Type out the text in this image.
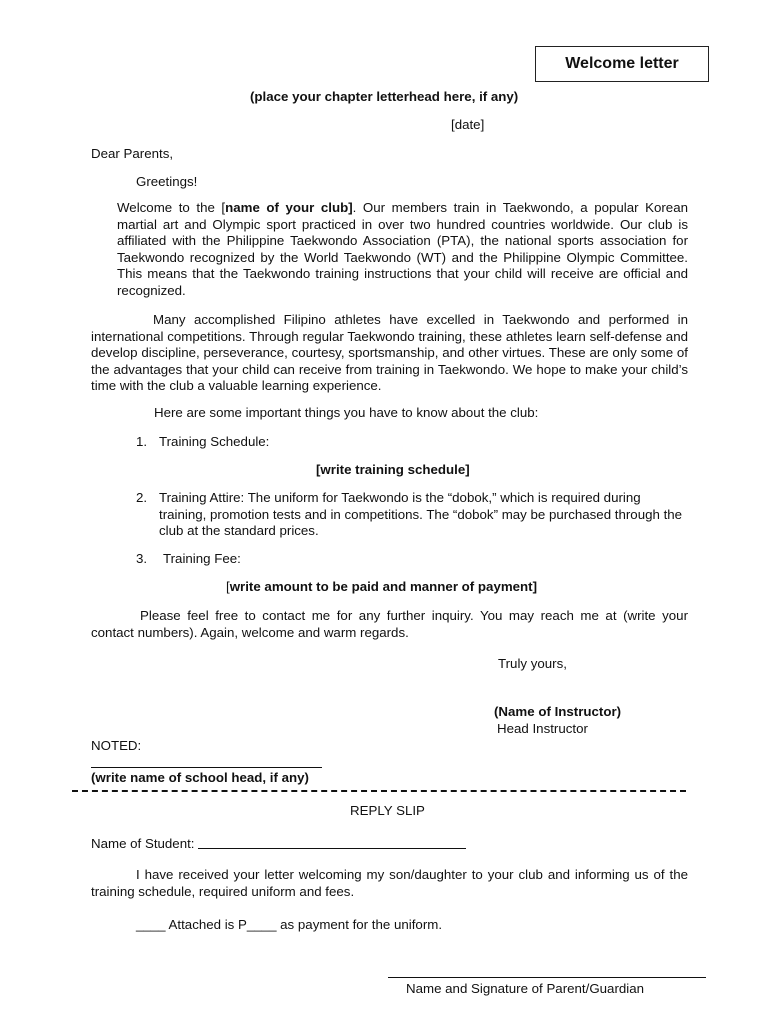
Welcome letter
(place your chapter letterhead here, if any)
[date]
Dear Parents,
Greetings!
Welcome to the [name of your club]. Our members train in Taekwondo, a popular Korean martial art and Olympic sport practiced in over two hundred countries worldwide. Our club is affiliated with the Philippine Taekwondo Association (PTA), the national sports association for Taekwondo recognized by the World Taekwondo (WT) and the Philippine Olympic Committee. This means that the Taekwondo training instructions that your child will receive are official and recognized.
Many accomplished Filipino athletes have excelled in Taekwondo and performed in international competitions. Through regular Taekwondo training, these athletes learn self-defense and develop discipline, perseverance, courtesy, sportsmanship, and other virtues. These are only some of the advantages that your child can receive from training in Taekwondo. We hope to make your child’s time with the club a valuable learning experience.
Here are some important things you have to know about the club:
1. Training Schedule:
[write training schedule]
2. Training Attire: The uniform for Taekwondo is the “dobok,” which is required during training, promotion tests and in competitions. The “dobok” may be purchased through the club at the standard prices.
3. Training Fee:
[write amount to be paid and manner of payment]
Please feel free to contact me for any further inquiry. You may reach me at (write your contact numbers). Again, welcome and warm regards.
Truly yours,
(Name of Instructor)
Head Instructor
NOTED:
(write name of school head, if any)
REPLY SLIP
Name of Student:
I have received your letter welcoming my son/daughter to your club and informing us of the training schedule, required uniform and fees.
____ Attached is P____ as payment for the uniform.
Name and Signature of Parent/Guardian
